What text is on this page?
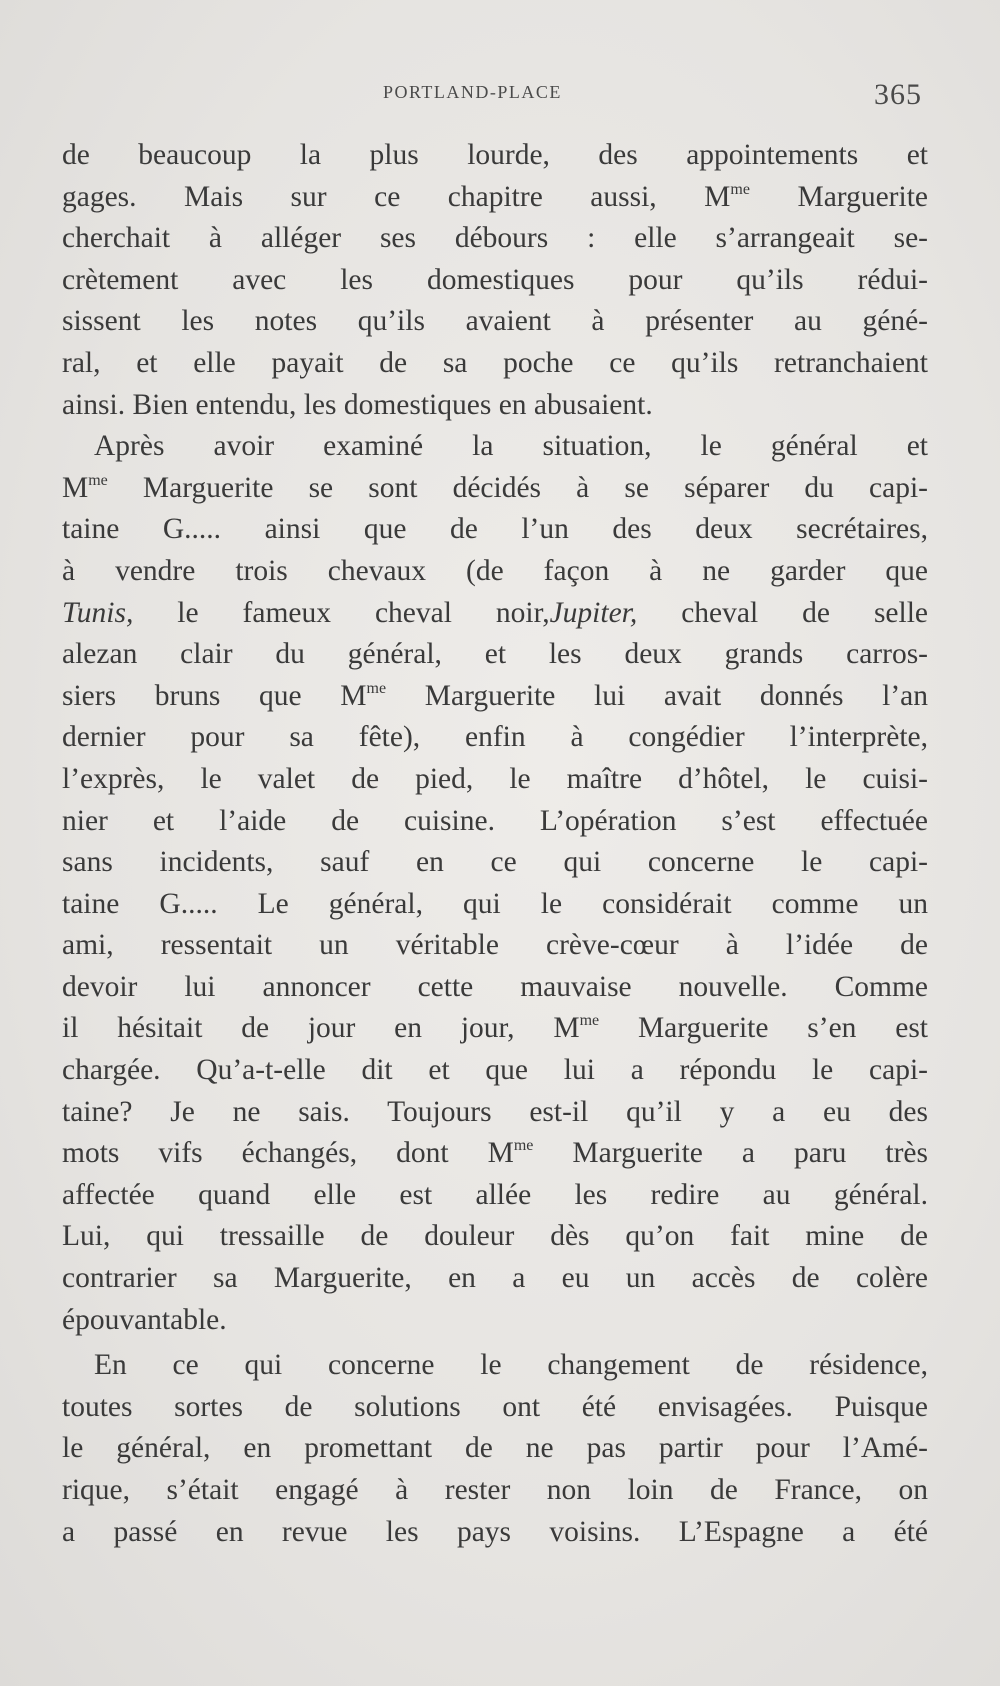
PORTLAND-PLACE	365

de beaucoup la plus lourde, des appointements et
gages. Mais sur ce chapitre aussi, $M^{me}$ Marguerite
cherchait à alléger ses débours : elle s’arrangeait se-
crètement avec les domestiques pour qu’ils rédui-
sissent les notes qu’ils avaient à présenter au géné-
ral, et elle payait de sa poche ce qu’ils retranchaient
ainsi. Bien entendu, les domestiques en abusaient.

Après avoir examiné la situation, le général et
$M^{me}$ Marguerite se sont décidés à se séparer du capi-
taine G..... ainsi que de l’un des deux secrétaires,
à vendre trois chevaux (de façon à ne garder que
Tunis, le fameux cheval noir,Jupiter, cheval de selle
alezan clair du général, et les deux grands carros-
siers bruns que $M^{me}$ Marguerite lui avait donnés l’an
dernier pour sa fête), enfin à congédier l’interprète,
l’exprès, le valet de pied, le maître d’hôtel, le cuisi-
nier et l’aide de cuisine. L’opération s’est effectuée
sans incidents, sauf en ce qui concerne le capi-
taine G..... Le général, qui le considérait comme un
ami, ressentait un véritable crève-cœur à l’idée de
devoir lui annoncer cette mauvaise nouvelle. Comme
il hésitait de jour en jour, $M^{me}$ Marguerite s’en est
chargée. Qu’a-t-elle dit et que lui a répondu le capi-
taine? Je ne sais. Toujours est-il qu’il y a eu des
mots vifs échangés, dont $M^{me}$ Marguerite a paru très
affectée quand elle est allée les redire au général.
Lui, qui tressaille de douleur dès qu’on fait mine de
contrarier sa Marguerite, en a eu un accès de colère
épouvantable.

En ce qui concerne le changement de résidence,
toutes sortes de solutions ont été envisagées. Puisque
le général, en promettant de ne pas partir pour l’Amé-
rique, s’était engagé à rester non loin de France, on
a passé en revue les pays voisins. L’Espagne a été
